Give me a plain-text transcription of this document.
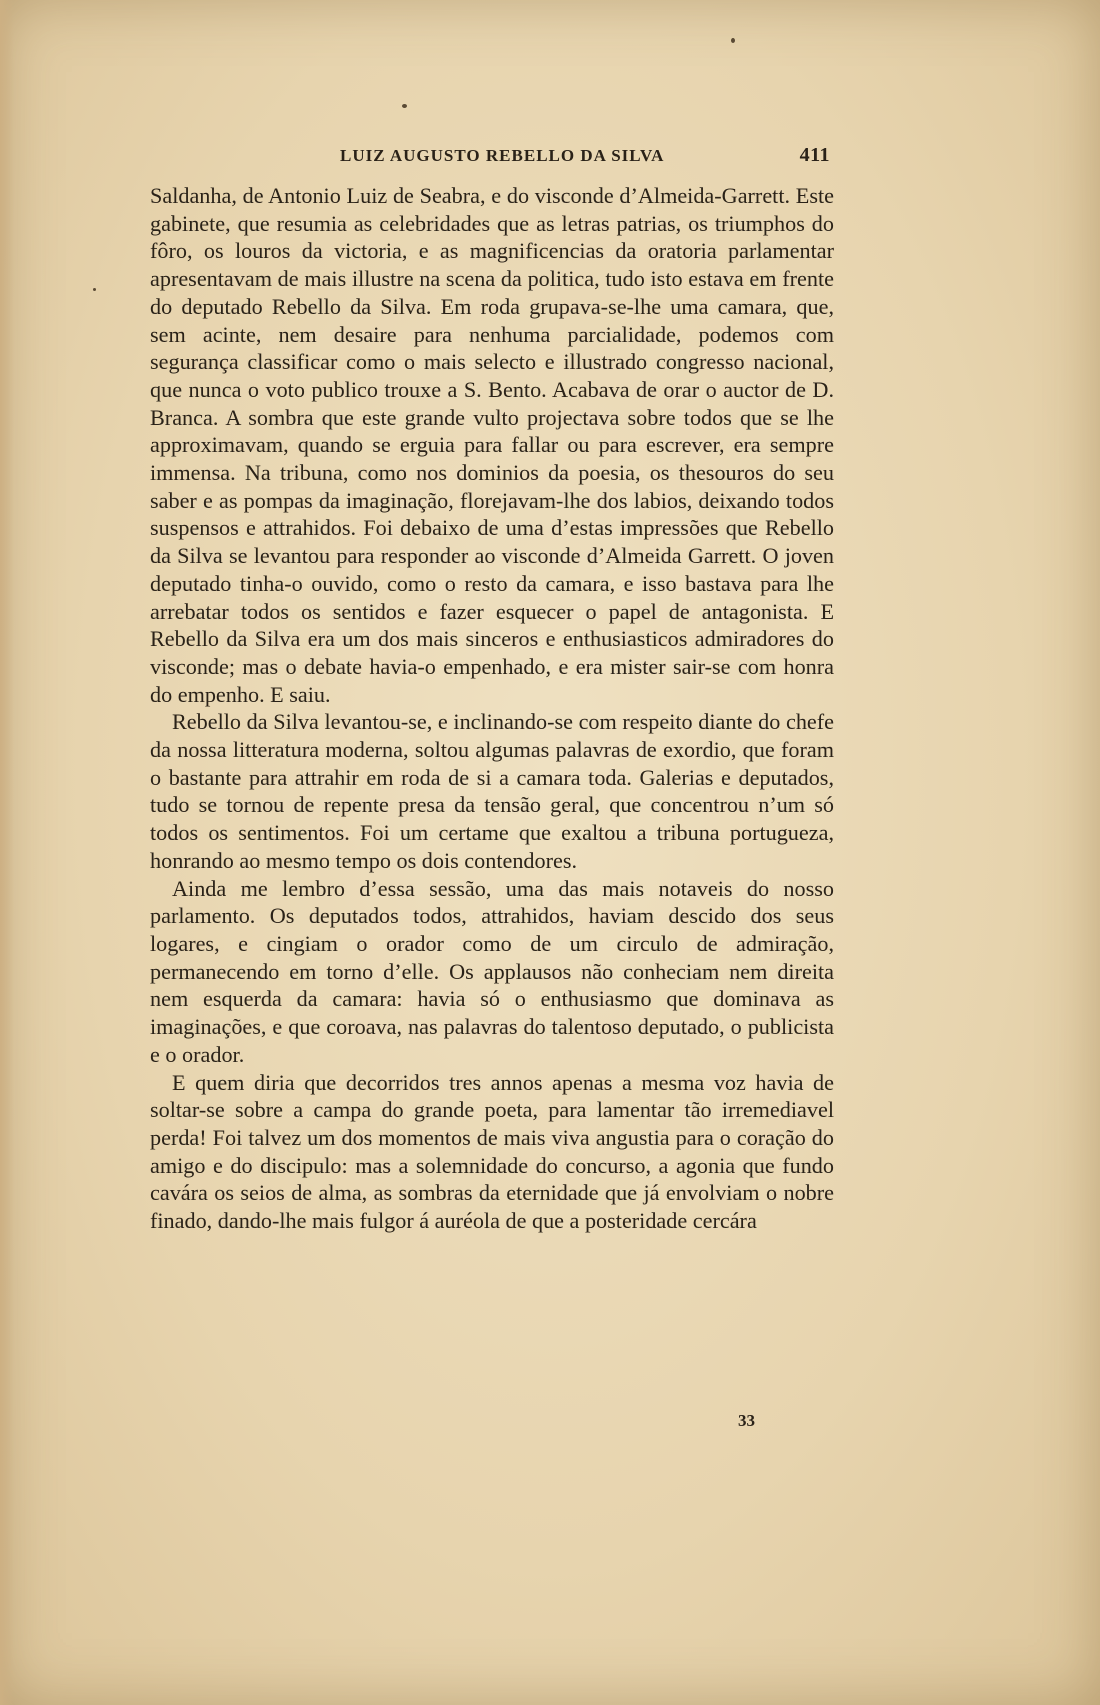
LUIZ AUGUSTO REBELLO DA SILVA	411

Saldanha, de Antonio Luiz de Seabra, e do visconde d’Almeida-Garrett. Este gabinete, que resumia as celebridades que as letras patrias, os triumphos do fôro, os louros da victoria, e as magnificencias da oratoria parlamentar apresentavam de mais illustre na scena da politica, tudo isto estava em frente do deputado Rebello da Silva. Em roda grupava-se-lhe uma camara, que, sem acinte, nem desaire para nenhuma parcialidade, podemos com segurança classificar como o mais selecto e illustrado congresso nacional, que nunca o voto publico trouxe a S. Bento. Acabava de orar o auctor de D. Branca. A sombra que este grande vulto projectava sobre todos que se lhe approximavam, quando se erguia para fallar ou para escrever, era sempre immensa. Na tribuna, como nos dominios da poesia, os thesouros do seu saber e as pompas da imaginação, florejavam-lhe dos labios, deixando todos suspensos e attrahidos. Foi debaixo de uma d’estas impressões que Rebello da Silva se levantou para responder ao visconde d’Almeida Garrett. O joven deputado tinha-o ouvido, como o resto da camara, e isso bastava para lhe arrebatar todos os sentidos e fazer esquecer o papel de antagonista. E Rebello da Silva era um dos mais sinceros e enthusiasticos admiradores do visconde; mas o debate havia-o empenhado, e era mister sair-se com honra do empenho. E saiu.

Rebello da Silva levantou-se, e inclinando-se com respeito diante do chefe da nossa litteratura moderna, soltou algumas palavras de exordio, que foram o bastante para attrahir em roda de si a camara toda. Galerias e deputados, tudo se tornou de repente presa da tensão geral, que concentrou n’um só todos os sentimentos. Foi um certame que exaltou a tribuna portugueza, honrando ao mesmo tempo os dois contendores.

Ainda me lembro d’essa sessão, uma das mais notaveis do nosso parlamento. Os deputados todos, attrahidos, haviam descido dos seus logares, e cingiam o orador como de um circulo de admiração, permanecendo em torno d’elle. Os applausos não conheciam nem direita nem esquerda da camara: havia só o enthusiasmo que dominava as imaginações, e que coroava, nas palavras do talentoso deputado, o publicista e o orador.

E quem diria que decorridos tres annos apenas a mesma voz havia de soltar-se sobre a campa do grande poeta, para lamentar tão irremediavel perda! Foi talvez um dos momentos de mais viva angustia para o coração do amigo e do discipulo: mas a solemnidade do concurso, a agonia que fundo cavára os seios de alma, as sombras da eternidade que já envolviam o nobre finado, dando-lhe mais fulgor á auréola de que a posteridade cercára

33
